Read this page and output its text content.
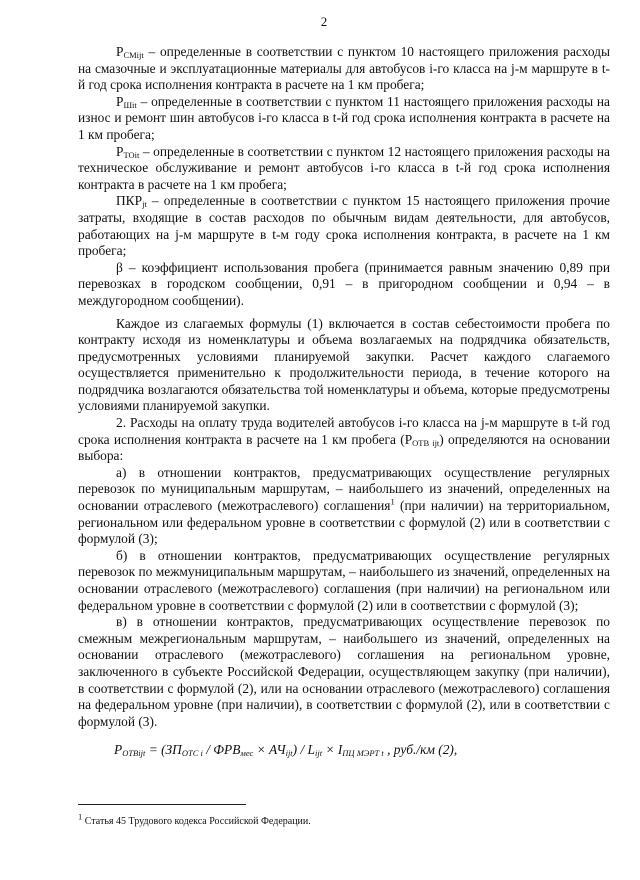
2

$Р_{СМijt}$ – определенные в соответствии с пунктом 10 настоящего приложения расходы на смазочные и эксплуатационные материалы для автобусов i-го класса на j-м маршруте в t-й год срока исполнения контракта в расчете на 1 км пробега;

$Р_{Шit}$ – определенные в соответствии с пунктом 11 настоящего приложения расходы на износ и ремонт шин автобусов i-го класса в t-й год срока исполнения контракта в расчете на 1 км пробега;

$Р_{ТОit}$ – определенные в соответствии с пунктом 12 настоящего приложения расходы на техническое обслуживание и ремонт автобусов i-го класса в t-й год срока исполнения контракта в расчете на 1 км пробега;

$ПКР_{jt}$ – определенные в соответствии с пунктом 15 настоящего приложения прочие затраты, входящие в состав расходов по обычным видам деятельности, для автобусов, работающих на j-м маршруте в t-м году срока исполнения контракта, в расчете на 1 км пробега;

β – коэффициент использования пробега (принимается равным значению 0,89 при перевозках в городском сообщении, 0,91 – в пригородном сообщении и 0,94 – в междугородном сообщении).

Каждое из слагаемых формулы (1) включается в состав себестоимости пробега по контракту исходя из номенклатуры и объема возлагаемых на подрядчика обязательств, предусмотренных условиями планируемой закупки. Расчет каждого слагаемого осуществляется применительно к продолжительности периода, в течение которого на подрядчика возлагаются обязательства той номенклатуры и объема, которые предусмотрены условиями планируемой закупки.

2. Расходы на оплату труда водителей автобусов i-го класса на j-м маршруте в t-й год срока исполнения контракта в расчете на 1 км пробега $(Р_{ОТВ ijt})$ определяются на основании выбора:

а) в отношении контрактов, предусматривающих осуществление регулярных перевозок по муниципальным маршрутам, – наибольшего из значений, определенных на основании отраслевого (межотраслевого) соглашения$^1$ (при наличии) на территориальном, региональном или федеральном уровне в соответствии с формулой (2) или в соответствии с формулой (3);

б) в отношении контрактов, предусматривающих осуществление регулярных перевозок по межмуниципальным маршрутам, – наибольшего из значений, определенных на основании отраслевого (межотраслевого) соглашения (при наличии) на региональном или федеральном уровне в соответствии с формулой (2) или в соответствии с формулой (3);

в) в отношении контрактов, предусматривающих осуществление перевозок по смежным межрегиональным маршрутам, – наибольшего из значений, определенных на основании отраслевого (межотраслевого) соглашения на региональном уровне, заключенного в субъекте Российской Федерации, осуществляющем закупку (при наличии), в соответствии с формулой (2), или на основании отраслевого (межотраслевого) соглашения на федеральном уровне (при наличии), в соответствии с формулой (2), или в соответствии с формулой (3).

$Р_{ОТВijt} = (ЗП_{ОТС i} / ФРВ_{мес} \times АЧ_{ijt}) / L_{ijt} \times I_{ПЦ МЭРТ t}$ , руб./км (2),
$^1$ Статья 45 Трудового кодекса Российской Федерации.
